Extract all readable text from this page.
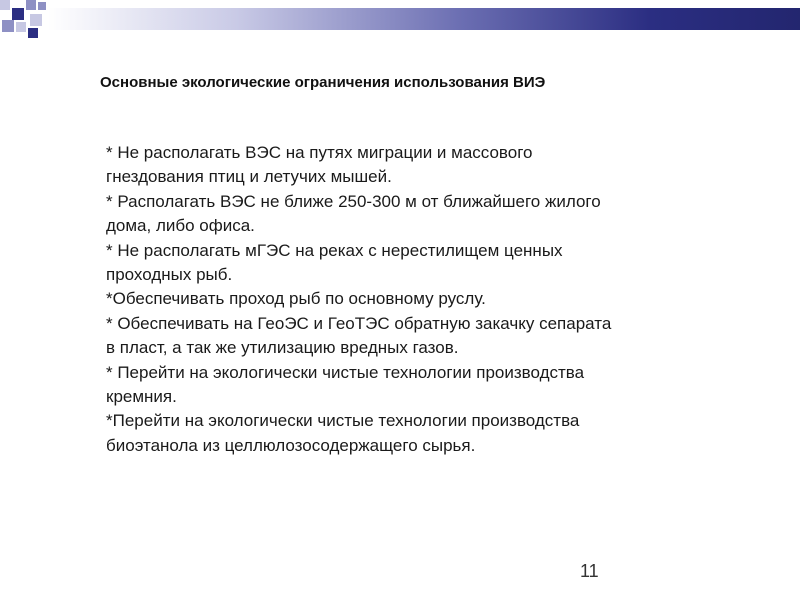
Основные экологические ограничения использования ВИЭ
* Не располагать ВЭС на путях миграции и массового
гнездования птиц и летучих мышей.
* Располагать ВЭС не ближе 250-300 м от ближайшего жилого
дома, либо офиса.
* Не располагать мГЭС на реках с нерестилищем ценных
проходных рыб.
*Обеспечивать проход рыб по основному руслу.
* Обеспечивать на ГеоЭС и ГеоТЭС обратную закачку сепарата
в пласт, а так же утилизацию вредных газов.
* Перейти на экологически чистые технологии производства
кремния.
*Перейти на экологически чистые технологии производства
биоэтанола из целлюлозосодержащего сырья.
11
